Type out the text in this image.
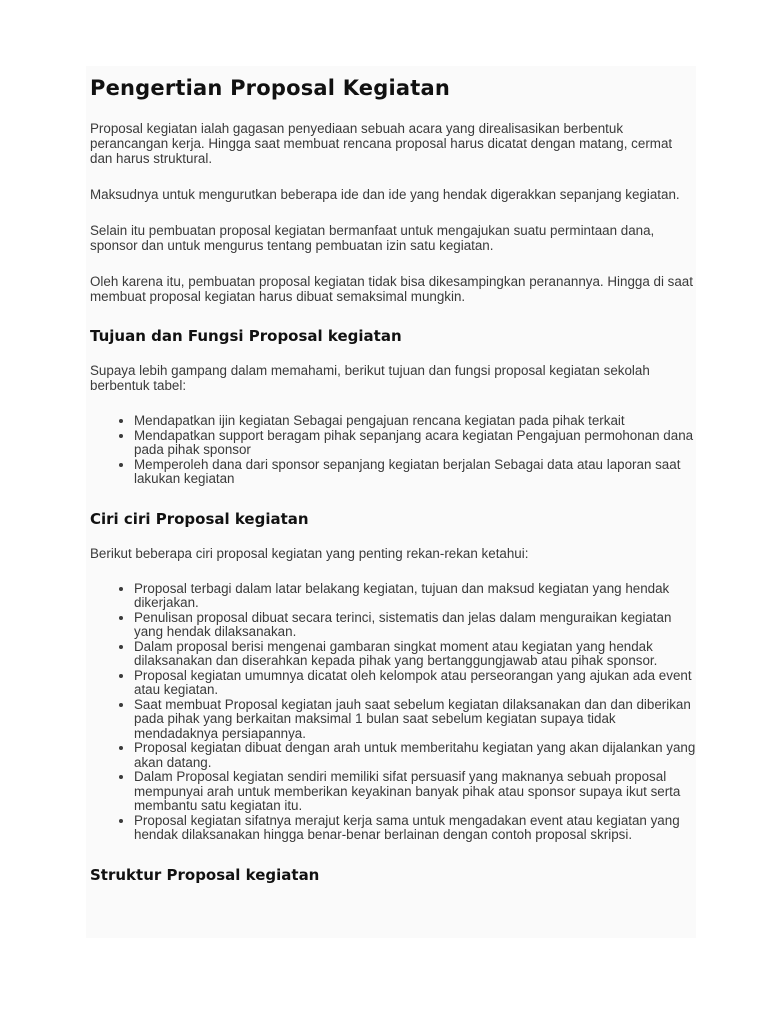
Pengertian Proposal Kegiatan

Proposal kegiatan ialah gagasan penyediaan sebuah acara yang direalisasikan berbentuk perancangan kerja. Hingga saat membuat rencana proposal harus dicatat dengan matang, cermat dan harus struktural.

Maksudnya untuk mengurutkan beberapa ide dan ide yang hendak digerakkan sepanjang kegiatan.

Selain itu pembuatan proposal kegiatan bermanfaat untuk mengajukan suatu permintaan dana, sponsor dan untuk mengurus tentang pembuatan izin satu kegiatan.

Oleh karena itu, pembuatan proposal kegiatan tidak bisa dikesampingkan peranannya. Hingga di saat membuat proposal kegiatan harus dibuat semaksimal mungkin.

Tujuan dan Fungsi Proposal kegiatan

Supaya lebih gampang dalam memahami, berikut tujuan dan fungsi proposal kegiatan sekolah berbentuk tabel:

• Mendapatkan ijin kegiatan Sebagai pengajuan rencana kegiatan pada pihak terkait
• Mendapatkan support beragam pihak sepanjang acara kegiatan Pengajuan permohonan dana pada pihak sponsor
• Memperoleh dana dari sponsor sepanjang kegiatan berjalan Sebagai data atau laporan saat lakukan kegiatan
Ciri ciri Proposal kegiatan

Berikut beberapa ciri proposal kegiatan yang penting rekan-rekan ketahui:

• Proposal terbagi dalam latar belakang kegiatan, tujuan dan maksud kegiatan yang hendak dikerjakan.
• Penulisan proposal dibuat secara terinci, sistematis dan jelas dalam menguraikan kegiatan yang hendak dilaksanakan.
• Dalam proposal berisi mengenai gambaran singkat moment atau kegiatan yang hendak dilaksanakan dan diserahkan kepada pihak yang bertanggungjawab atau pihak sponsor.
• Proposal kegiatan umumnya dicatat oleh kelompok atau perseorangan yang ajukan ada event atau kegiatan.
• Saat membuat Proposal kegiatan jauh saat sebelum kegiatan dilaksanakan dan dan diberikan pada pihak yang berkaitan maksimal 1 bulan saat sebelum kegiatan supaya tidak mendadaknya persiapannya.
• Proposal kegiatan dibuat dengan arah untuk memberitahu kegiatan yang akan dijalankan yang akan datang.
• Dalam Proposal kegiatan sendiri memiliki sifat persuasif yang maknanya sebuah proposal mempunyai arah untuk memberikan keyakinan banyak pihak atau sponsor supaya ikut serta membantu satu kegiatan itu.
• Proposal kegiatan sifatnya merajut kerja sama untuk mengadakan event atau kegiatan yang hendak dilaksanakan hingga benar-benar berlainan dengan contoh proposal skripsi.
Struktur Proposal kegiatan
